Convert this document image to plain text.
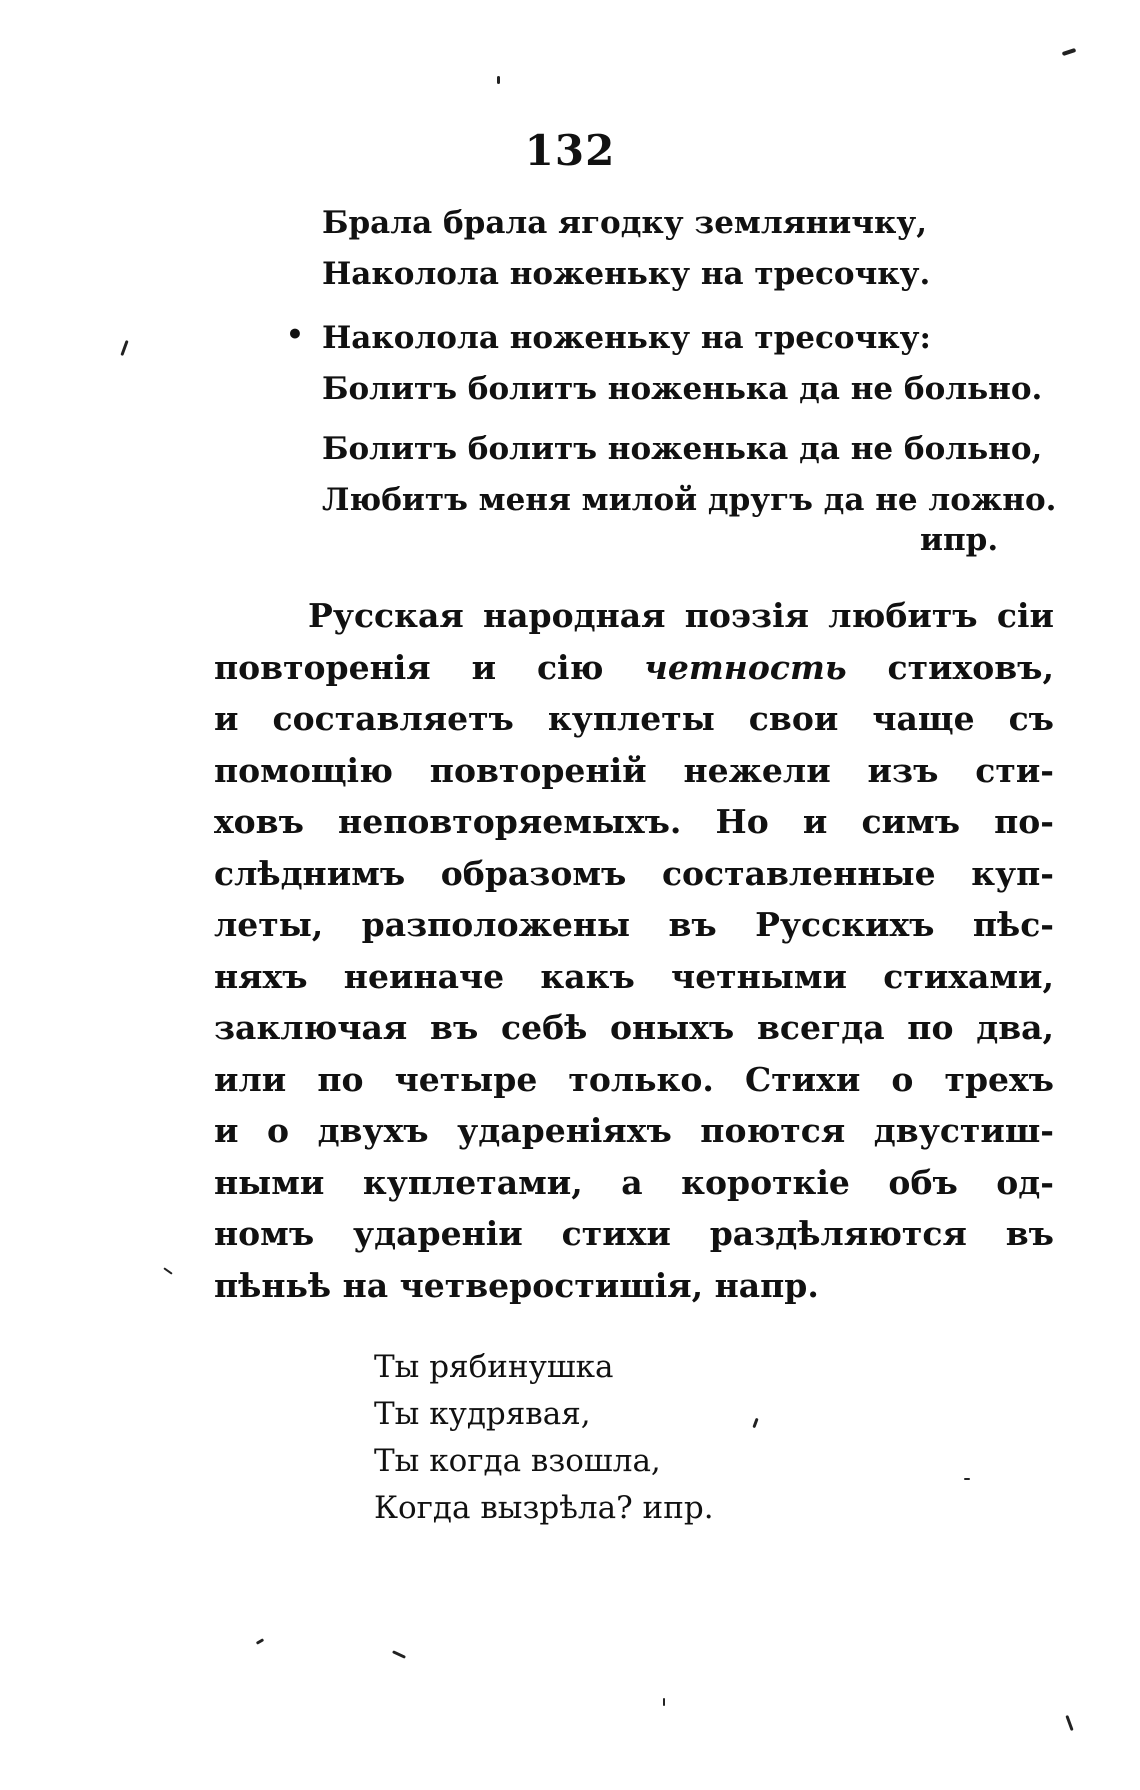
132
•
Брала брала ягодку земляничку,
Наколола ноженьку на тресочку.
Наколола ноженьку на тресочку:
Болитъ болитъ ноженька да не больно.
Болитъ болитъ ноженька да не больно,
Любитъ меня милой другъ да не ложно.
ипр.
Русская народная поэзія любитъ сіи
повторенія и сію четность стиховъ,
и составляетъ куплеты свои чаще съ
помощію повтореній нежели изъ сти-
ховъ неповторяемыхъ. Но и симъ по-
слѣднимъ образомъ составленные куп-
леты, разположены въ Русскихъ пѣс-
няхъ неиначе какъ четными стихами,
заключая въ себѣ оныхъ всегда по два,
или по четыре только. Стихи о трехъ
и о двухъ удареніяхъ поются двустиш-
ными куплетами, а короткіе объ од-
номъ удареніи стихи раздѣляются въ
пѣньѣ на четверостишія, напр.
Ты рябинушка
Ты кудрявая,
Ты когда взошла,
Когда вызрѣла? ипр.
